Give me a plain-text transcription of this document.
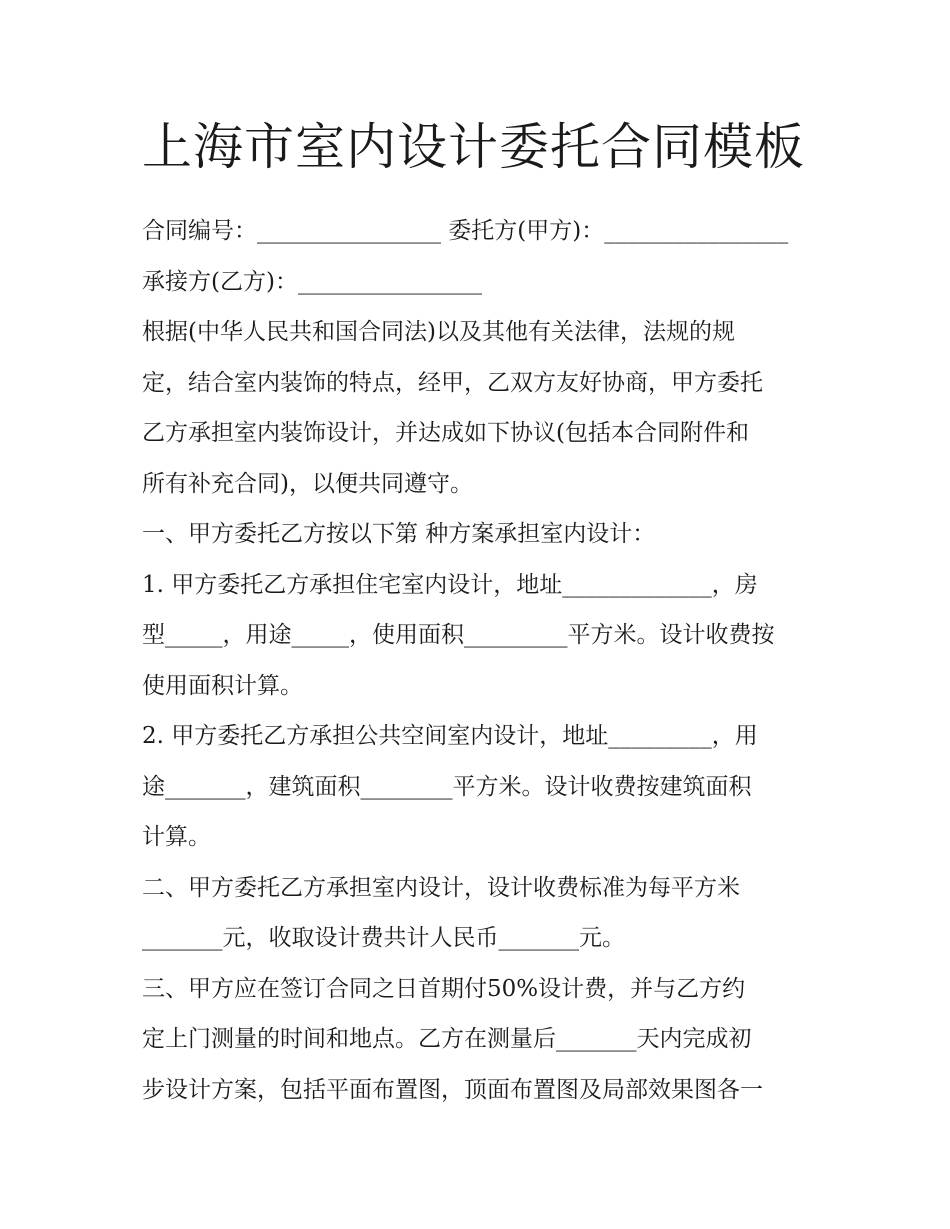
上海市室内设计委托合同模板
合同编号：________________ 委托方(甲方)：________________
承接方(乙方)：________________
根据(中华人民共和国合同法)以及其他有关法律，法规的规
定，结合室内装饰的特点，经甲，乙双方友好协商，甲方委托
乙方承担室内装饰设计，并达成如下协议(包括本合同附件和
所有补充合同)，以便共同遵守。
一、甲方委托乙方按以下第 种方案承担室内设计：
1. 甲方委托乙方承担住宅室内设计，地址_____________，房
型_____，用途_____，使用面积_________平方米。设计收费按
使用面积计算。
2. 甲方委托乙方承担公共空间室内设计，地址_________，用
途_______，建筑面积________平方米。设计收费按建筑面积
计算。
二、甲方委托乙方承担室内设计，设计收费标准为每平方米
_______元，收取设计费共计人民币_______元。
三、甲方应在签订合同之日首期付50%设计费，并与乙方约
定上门测量的时间和地点。乙方在测量后_______天内完成初
步设计方案，包括平面布置图，顶面布置图及局部效果图各一
